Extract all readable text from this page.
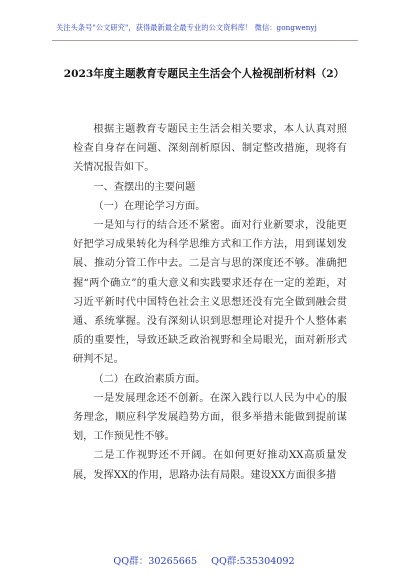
关注头条号"公文研究"，获得最新最全最专业的公文资料库！ 微信：gongwenyj
2023年度主题教育专题民主生活会个人检视剖析材料（2）

根据主题教育专题民主生活会相关要求，本人认真对照检查自身存在问题、深刻剖析原因、制定整改措施，现将有关情况报告如下。

一、查摆出的主要问题

（一）在理论学习方面。

一是知与行的结合还不紧密。面对行业新要求，没能更好把学习成果转化为科学思维方式和工作方法，用到谋划发展、推动分管工作中去。二是言与思的深度还不够。准确把握“两个确立”的重大意义和实践要求还存在一定的差距，对习近平新时代中国特色社会主义思想还没有完全做到融会贯通、系统掌握。没有深刻认识到思想理论对提升个人整体素质的重要性，导致还缺乏政治视野和全局眼光，面对新形式研判不足。

（二）在政治素质方面。

一是发展理念还不创新。在深入践行以人民为中心的服务理念，顺应科学发展趋势方面，很多举措未能做到提前谋划，工作预见性不够。

二是工作视野还不开阔。在如何更好推动XX高质量发展，发挥XX的作用，思路办法有局限。建设XX方面很多措

QQ群：30265665 QQ群:535304092
